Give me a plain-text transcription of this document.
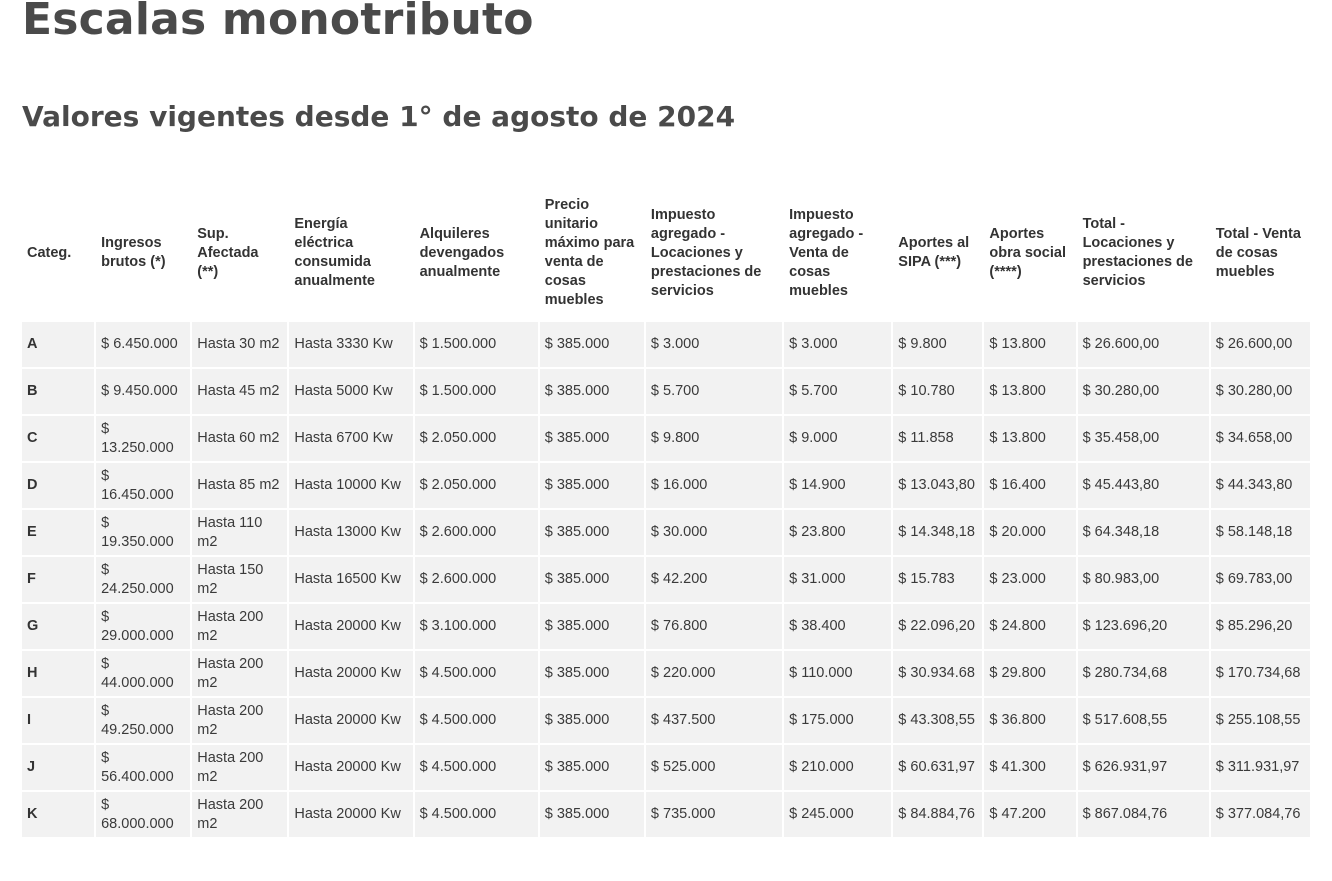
Escalas monotributo
Valores vigentes desde 1° de agosto de 2024
Categ.	Ingresos brutos (*)	Sup. Afectada (**)	Energía eléctrica consumida anualmente	Alquileres devengados anualmente	Precio unitario máximo para venta de cosas muebles	Impuesto agregado - Locaciones y prestaciones de servicios	Impuesto agregado - Venta de cosas muebles	Aportes al SIPA (***)	Aportes obra social (****)	Total - Locaciones y prestaciones de servicios	Total - Venta de cosas muebles
A	$ 6.450.000	Hasta 30 m2	Hasta 3330 Kw	$ 1.500.000	$ 385.000	$ 3.000	$ 3.000	$ 9.800	$ 13.800	$ 26.600,00	$ 26.600,00
B	$ 9.450.000	Hasta 45 m2	Hasta 5000 Kw	$ 1.500.000	$ 385.000	$ 5.700	$ 5.700	$ 10.780	$ 13.800	$ 30.280,00	$ 30.280,00
C	$ 13.250.000	Hasta 60 m2	Hasta 6700 Kw	$ 2.050.000	$ 385.000	$ 9.800	$ 9.000	$ 11.858	$ 13.800	$ 35.458,00	$ 34.658,00
D	$ 16.450.000	Hasta 85 m2	Hasta 10000 Kw	$ 2.050.000	$ 385.000	$ 16.000	$ 14.900	$ 13.043,80	$ 16.400	$ 45.443,80	$ 44.343,80
E	$ 19.350.000	Hasta 110 m2	Hasta 13000 Kw	$ 2.600.000	$ 385.000	$ 30.000	$ 23.800	$ 14.348,18	$ 20.000	$ 64.348,18	$ 58.148,18
F	$ 24.250.000	Hasta 150 m2	Hasta 16500 Kw	$ 2.600.000	$ 385.000	$ 42.200	$ 31.000	$ 15.783	$ 23.000	$ 80.983,00	$ 69.783,00
G	$ 29.000.000	Hasta 200 m2	Hasta 20000 Kw	$ 3.100.000	$ 385.000	$ 76.800	$ 38.400	$ 22.096,20	$ 24.800	$ 123.696,20	$ 85.296,20
H	$ 44.000.000	Hasta 200 m2	Hasta 20000 Kw	$ 4.500.000	$ 385.000	$ 220.000	$ 110.000	$ 30.934.68	$ 29.800	$ 280.734,68	$ 170.734,68
I	$ 49.250.000	Hasta 200 m2	Hasta 20000 Kw	$ 4.500.000	$ 385.000	$ 437.500	$ 175.000	$ 43.308,55	$ 36.800	$ 517.608,55	$ 255.108,55
J	$ 56.400.000	Hasta 200 m2	Hasta 20000 Kw	$ 4.500.000	$ 385.000	$ 525.000	$ 210.000	$ 60.631,97	$ 41.300	$ 626.931,97	$ 311.931,97
K	$ 68.000.000	Hasta 200 m2	Hasta 20000 Kw	$ 4.500.000	$ 385.000	$ 735.000	$ 245.000	$ 84.884,76	$ 47.200	$ 867.084,76	$ 377.084,76
